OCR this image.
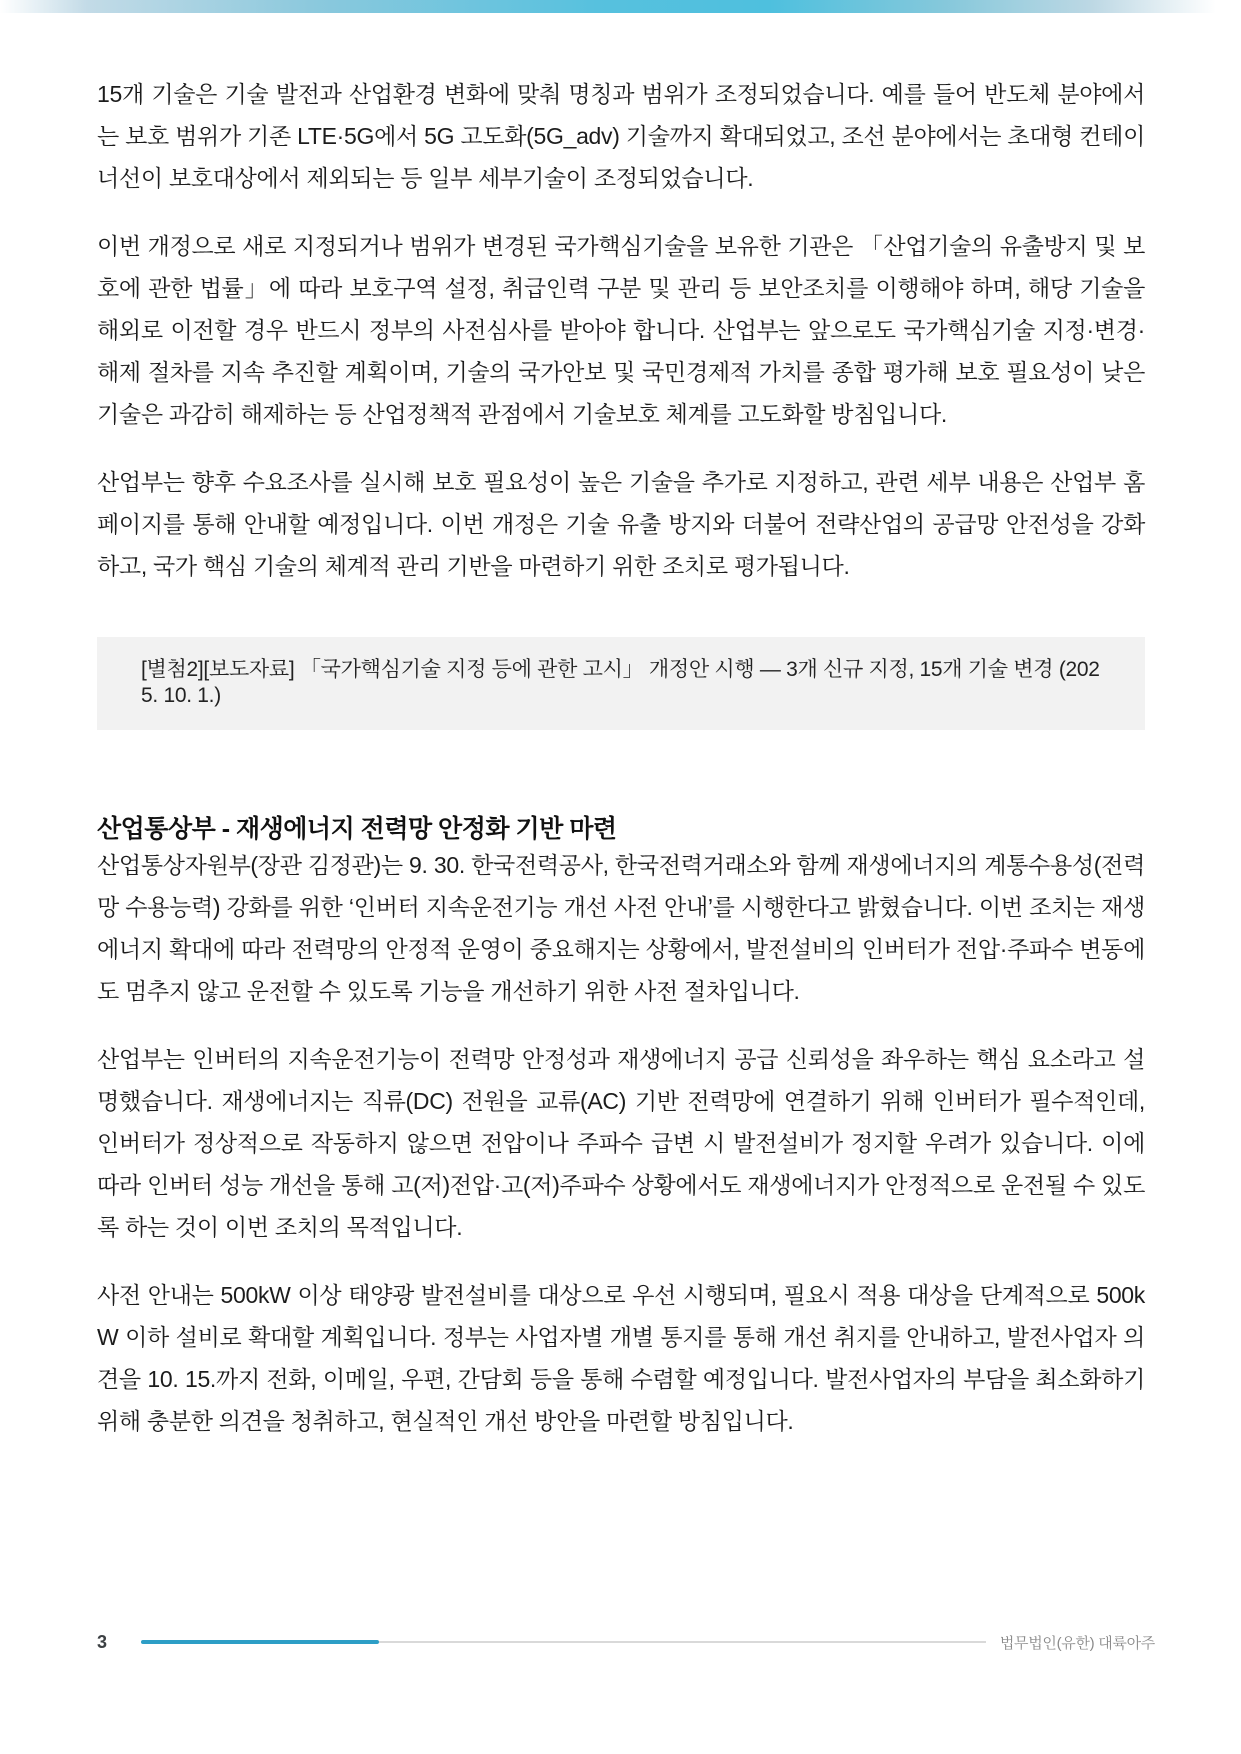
15개 기술은 기술 발전과 산업환경 변화에 맞춰 명칭과 범위가 조정되었습니다. 예를 들어 반도체 분야에서는 보호 범위가 기존 LTE·5G에서 5G 고도화(5G_adv) 기술까지 확대되었고, 조선 분야에서는 초대형 컨테이너선이 보호대상에서 제외되는 등 일부 세부기술이 조정되었습니다.

이번 개정으로 새로 지정되거나 범위가 변경된 국가핵심기술을 보유한 기관은 「산업기술의 유출방지 및 보호에 관한 법률」에 따라 보호구역 설정, 취급인력 구분 및 관리 등 보안조치를 이행해야 하며, 해당 기술을 해외로 이전할 경우 반드시 정부의 사전심사를 받아야 합니다. 산업부는 앞으로도 국가핵심기술 지정·변경·해제 절차를 지속 추진할 계획이며, 기술의 국가안보 및 국민경제적 가치를 종합 평가해 보호 필요성이 낮은 기술은 과감히 해제하는 등 산업정책적 관점에서 기술보호 체계를 고도화할 방침입니다.

산업부는 향후 수요조사를 실시해 보호 필요성이 높은 기술을 추가로 지정하고, 관련 세부 내용은 산업부 홈페이지를 통해 안내할 예정입니다. 이번 개정은 기술 유출 방지와 더불어 전략산업의 공급망 안전성을 강화하고, 국가 핵심 기술의 체계적 관리 기반을 마련하기 위한 조치로 평가됩니다.

[별첨2][보도자료] 「국가핵심기술 지정 등에 관한 고시」 개정안 시행 — 3개 신규 지정, 15개 기술 변경 (2025. 10. 1.)
산업통상부 - 재생에너지 전력망 안정화 기반 마련

산업통상자원부(장관 김정관)는 9. 30. 한국전력공사, 한국전력거래소와 함께 재생에너지의 계통수용성(전력망 수용능력) 강화를 위한 ‘인버터 지속운전기능 개선 사전 안내’를 시행한다고 밝혔습니다. 이번 조치는 재생에너지 확대에 따라 전력망의 안정적 운영이 중요해지는 상황에서, 발전설비의 인버터가 전압·주파수 변동에도 멈추지 않고 운전할 수 있도록 기능을 개선하기 위한 사전 절차입니다.

산업부는 인버터의 지속운전기능이 전력망 안정성과 재생에너지 공급 신뢰성을 좌우하는 핵심 요소라고 설명했습니다. 재생에너지는 직류(DC) 전원을 교류(AC) 기반 전력망에 연결하기 위해 인버터가 필수적인데, 인버터가 정상적으로 작동하지 않으면 전압이나 주파수 급변 시 발전설비가 정지할 우려가 있습니다. 이에 따라 인버터 성능 개선을 통해 고(저)전압·고(저)주파수 상황에서도 재생에너지가 안정적으로 운전될 수 있도록 하는 것이 이번 조치의 목적입니다.

사전 안내는 500kW 이상 태양광 발전설비를 대상으로 우선 시행되며, 필요시 적용 대상을 단계적으로 500kW 이하 설비로 확대할 계획입니다. 정부는 사업자별 개별 통지를 통해 개선 취지를 안내하고, 발전사업자 의견을 10. 15.까지 전화, 이메일, 우편, 간담회 등을 통해 수렴할 예정입니다. 발전사업자의 부담을 최소화하기 위해 충분한 의견을 청취하고, 현실적인 개선 방안을 마련할 방침입니다.

3	법무법인(유한) 대륙아주
